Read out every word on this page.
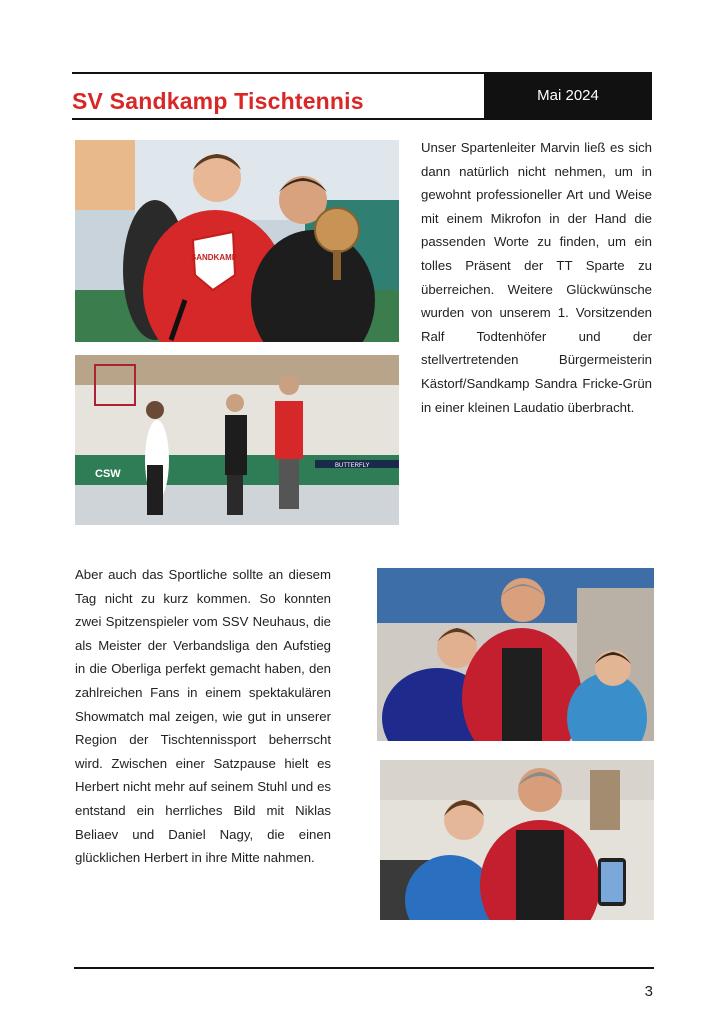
SV Sandkamp Tischtennis	Mai 2024
SANDKAMP
CSW
BUTTERFLY

Unser Spartenleiter Marvin ließ es sich dann natürlich nicht nehmen, um in gewohnt professioneller Art und Weise mit einem Mikrofon in der Hand die passenden Worte zu finden, um ein tolles Präsent der TT Sparte zu überreichen. Weitere Glückwünsche wurden von unserem 1. Vorsitzenden Ralf Todtenhöfer und der stellvertretenden Bürgermeisterin Kästorf/Sandkamp Sandra Fricke-Grün in einer kleinen Laudatio überbracht.

Aber auch das Sportliche sollte an diesem Tag nicht zu kurz kommen. So konnten zwei Spitzenspieler vom SSV Neuhaus, die als Meister der Verbandsliga den Aufstieg in die Oberliga perfekt gemacht haben, den zahlreichen Fans in einem spektakulären Showmatch mal zeigen, wie gut in unserer Region der Tischtennissport beherrscht wird. Zwischen einer Satzpause hielt es Herbert nicht mehr auf seinem Stuhl und es entstand ein herrliches Bild mit Niklas Beliaev und Daniel Nagy, die einen glücklichen Herbert in ihre Mitte nahmen.

3
